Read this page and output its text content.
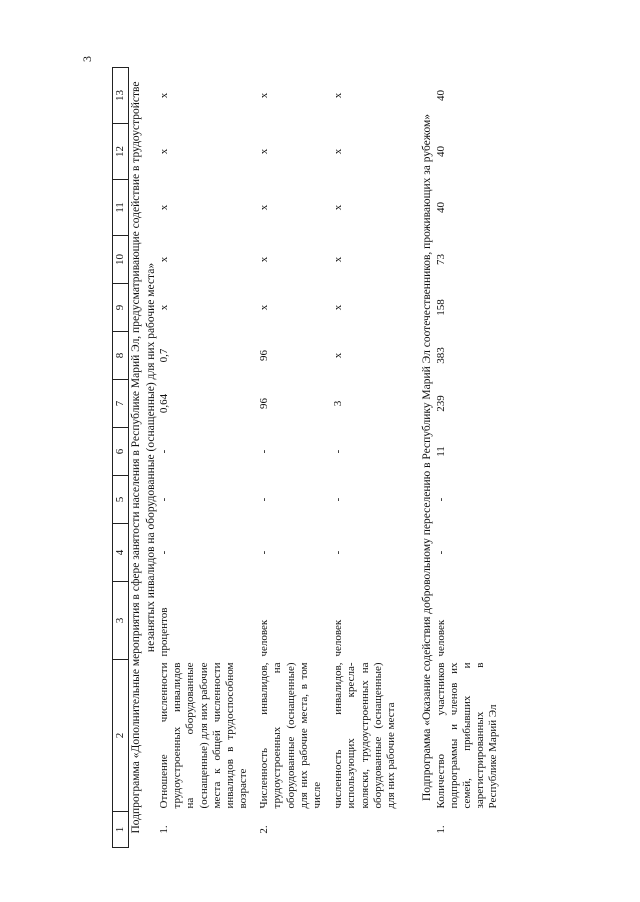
3
1	2	3	4	5	6	7	8	9	10	11	12	13
Подпрограмма «Дополнительные мероприятия в сфере занятости населения в Республике Марий Эл, предусматривающие содействие в трудоустройстве незанятых инвалидов на оборудованные (оснащенные) для них рабочие места»												
1.	Отношение численности трудоустроенных инвалидов на оборудованные (оснащенные) для них рабочие места к общей численности инвалидов в трудоспособном возрасте	процентов	-	-	-	0,64	0,7	x	x	x	x	x
2.	Численность инвалидов, трудоустроенных на оборудованные (оснащенные) для них рабочие места, в том числе	человек	-	-	-	96	96	x	x	x	x	x
	численность инвалидов, использующих кресла-коляски, трудоустроенных на оборудованные (оснащенные) для них рабочие места	человек	-	-	-	3	x	x	x	x	x	x
Подпрограмма «Оказание содействия добровольному переселению в Республику Марий Эл соотечественников, проживающих за рубежом»												
1.	Количество участников подпрограммы и членов их семей, прибывших и зарегистрированных в Республике Марий Эл	человек	-	-	11	239	383	158	73	40	40	40
